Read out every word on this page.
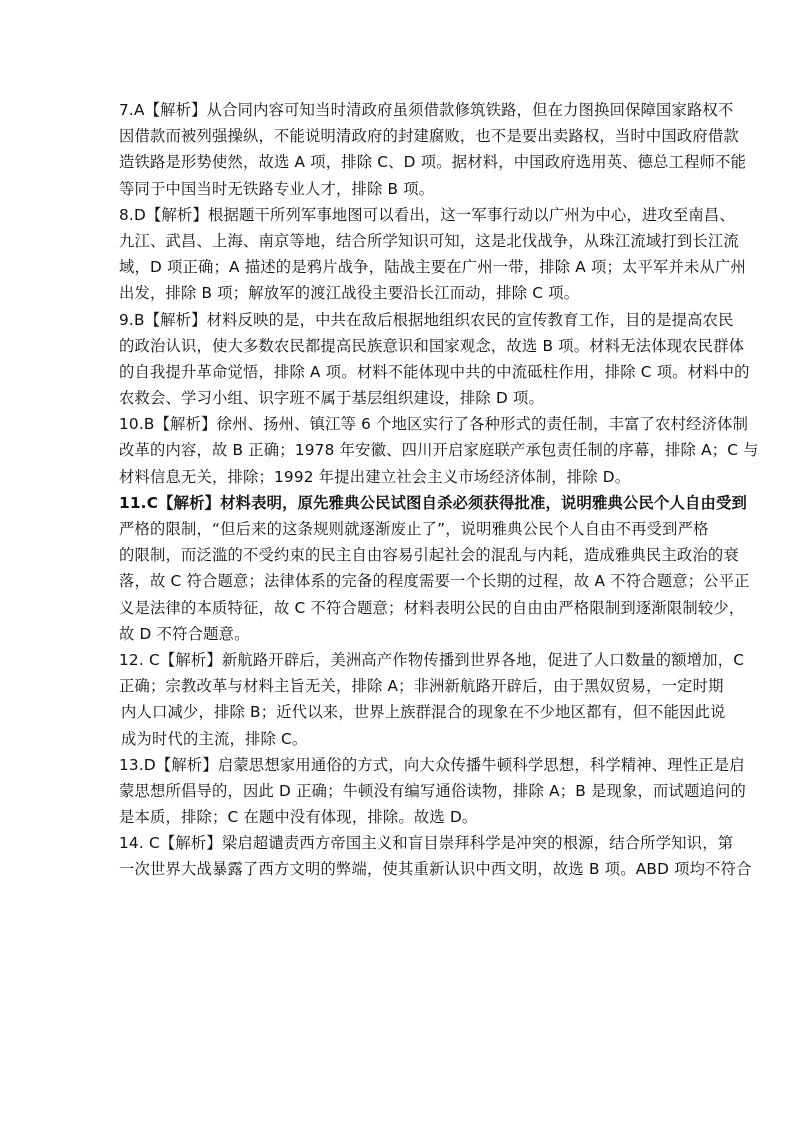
7.A【解析】从合同内容可知当时清政府虽须借款修筑铁路，但在力图换回保障国家路权不
因借款而被列强操纵，不能说明清政府的封建腐败，也不是要出卖路权，当时中国政府借款
造铁路是形势使然，故选 A 项，排除 C、D 项。据材料，中国政府选用英、德总工程师不能
等同于中国当时无铁路专业人才，排除 B 项。
8.D【解析】根据题干所列军事地图可以看出，这一军事行动以广州为中心，进攻至南昌、
九江、武昌、上海、南京等地，结合所学知识可知，这是北伐战争，从珠江流域打到长江流
域，D 项正确；A 描述的是鸦片战争，陆战主要在广州一带，排除 A 项；太平军并未从广州
出发，排除 B 项；解放军的渡江战役主要沿长江而动，排除 C 项。
9.B【解析】材料反映的是，中共在敌后根据地组织农民的宣传教育工作，目的是提高农民
的政治认识，使大多数农民都提高民族意识和国家观念，故选 B 项。材料无法体现农民群体
的自我提升革命觉悟，排除 A 项。材料不能体现中共的中流砥柱作用，排除 C 项。材料中的
农救会、学习小组、识字班不属于基层组织建设，排除 D 项。
10.B【解析】徐州、扬州、镇江等 6 个地区实行了各种形式的责任制，丰富了农村经济体制
改革的内容，故 B 正确；1978 年安徽、四川开启家庭联产承包责任制的序幕，排除 A；C 与
材料信息无关，排除；1992 年提出建立社会主义市场经济体制，排除 D。
11.C【解析】材料表明，原先雅典公民试图自杀必须获得批准，说明雅典公民个人自由受到
严格的限制，“但后来的这条规则就逐渐废止了”，说明雅典公民个人自由不再受到严格
的限制，而泛滥的不受约束的民主自由容易引起社会的混乱与内耗，造成雅典民主政治的衰
落，故 C 符合题意；法律体系的完备的程度需要一个长期的过程，故 A 不符合题意；公平正
义是法律的本质特征，故 C 不符合题意；材料表明公民的自由由严格限制到逐渐限制较少，
故 D 不符合题意。
12. C【解析】新航路开辟后，美洲高产作物传播到世界各地，促进了人口数量的额增加，C
正确；宗教改革与材料主旨无关，排除 A；非洲新航路开辟后，由于黑奴贸易，一定时期
内人口减少，排除 B；近代以来，世界上族群混合的现象在不少地区都有，但不能因此说
成为时代的主流，排除 C。
13.D【解析】启蒙思想家用通俗的方式，向大众传播牛顿科学思想，科学精神、理性正是启
蒙思想所倡导的，因此 D 正确；牛顿没有编写通俗读物，排除 A；B 是现象，而试题追问的
是本质，排除；C 在题中没有体现，排除。故选 D。
14. C【解析】梁启超谴责西方帝国主义和盲目崇拜科学是冲突的根源，结合所学知识，第
一次世界大战暴露了西方文明的弊端，使其重新认识中西文明，故选 B 项。ABD 项均不符合
